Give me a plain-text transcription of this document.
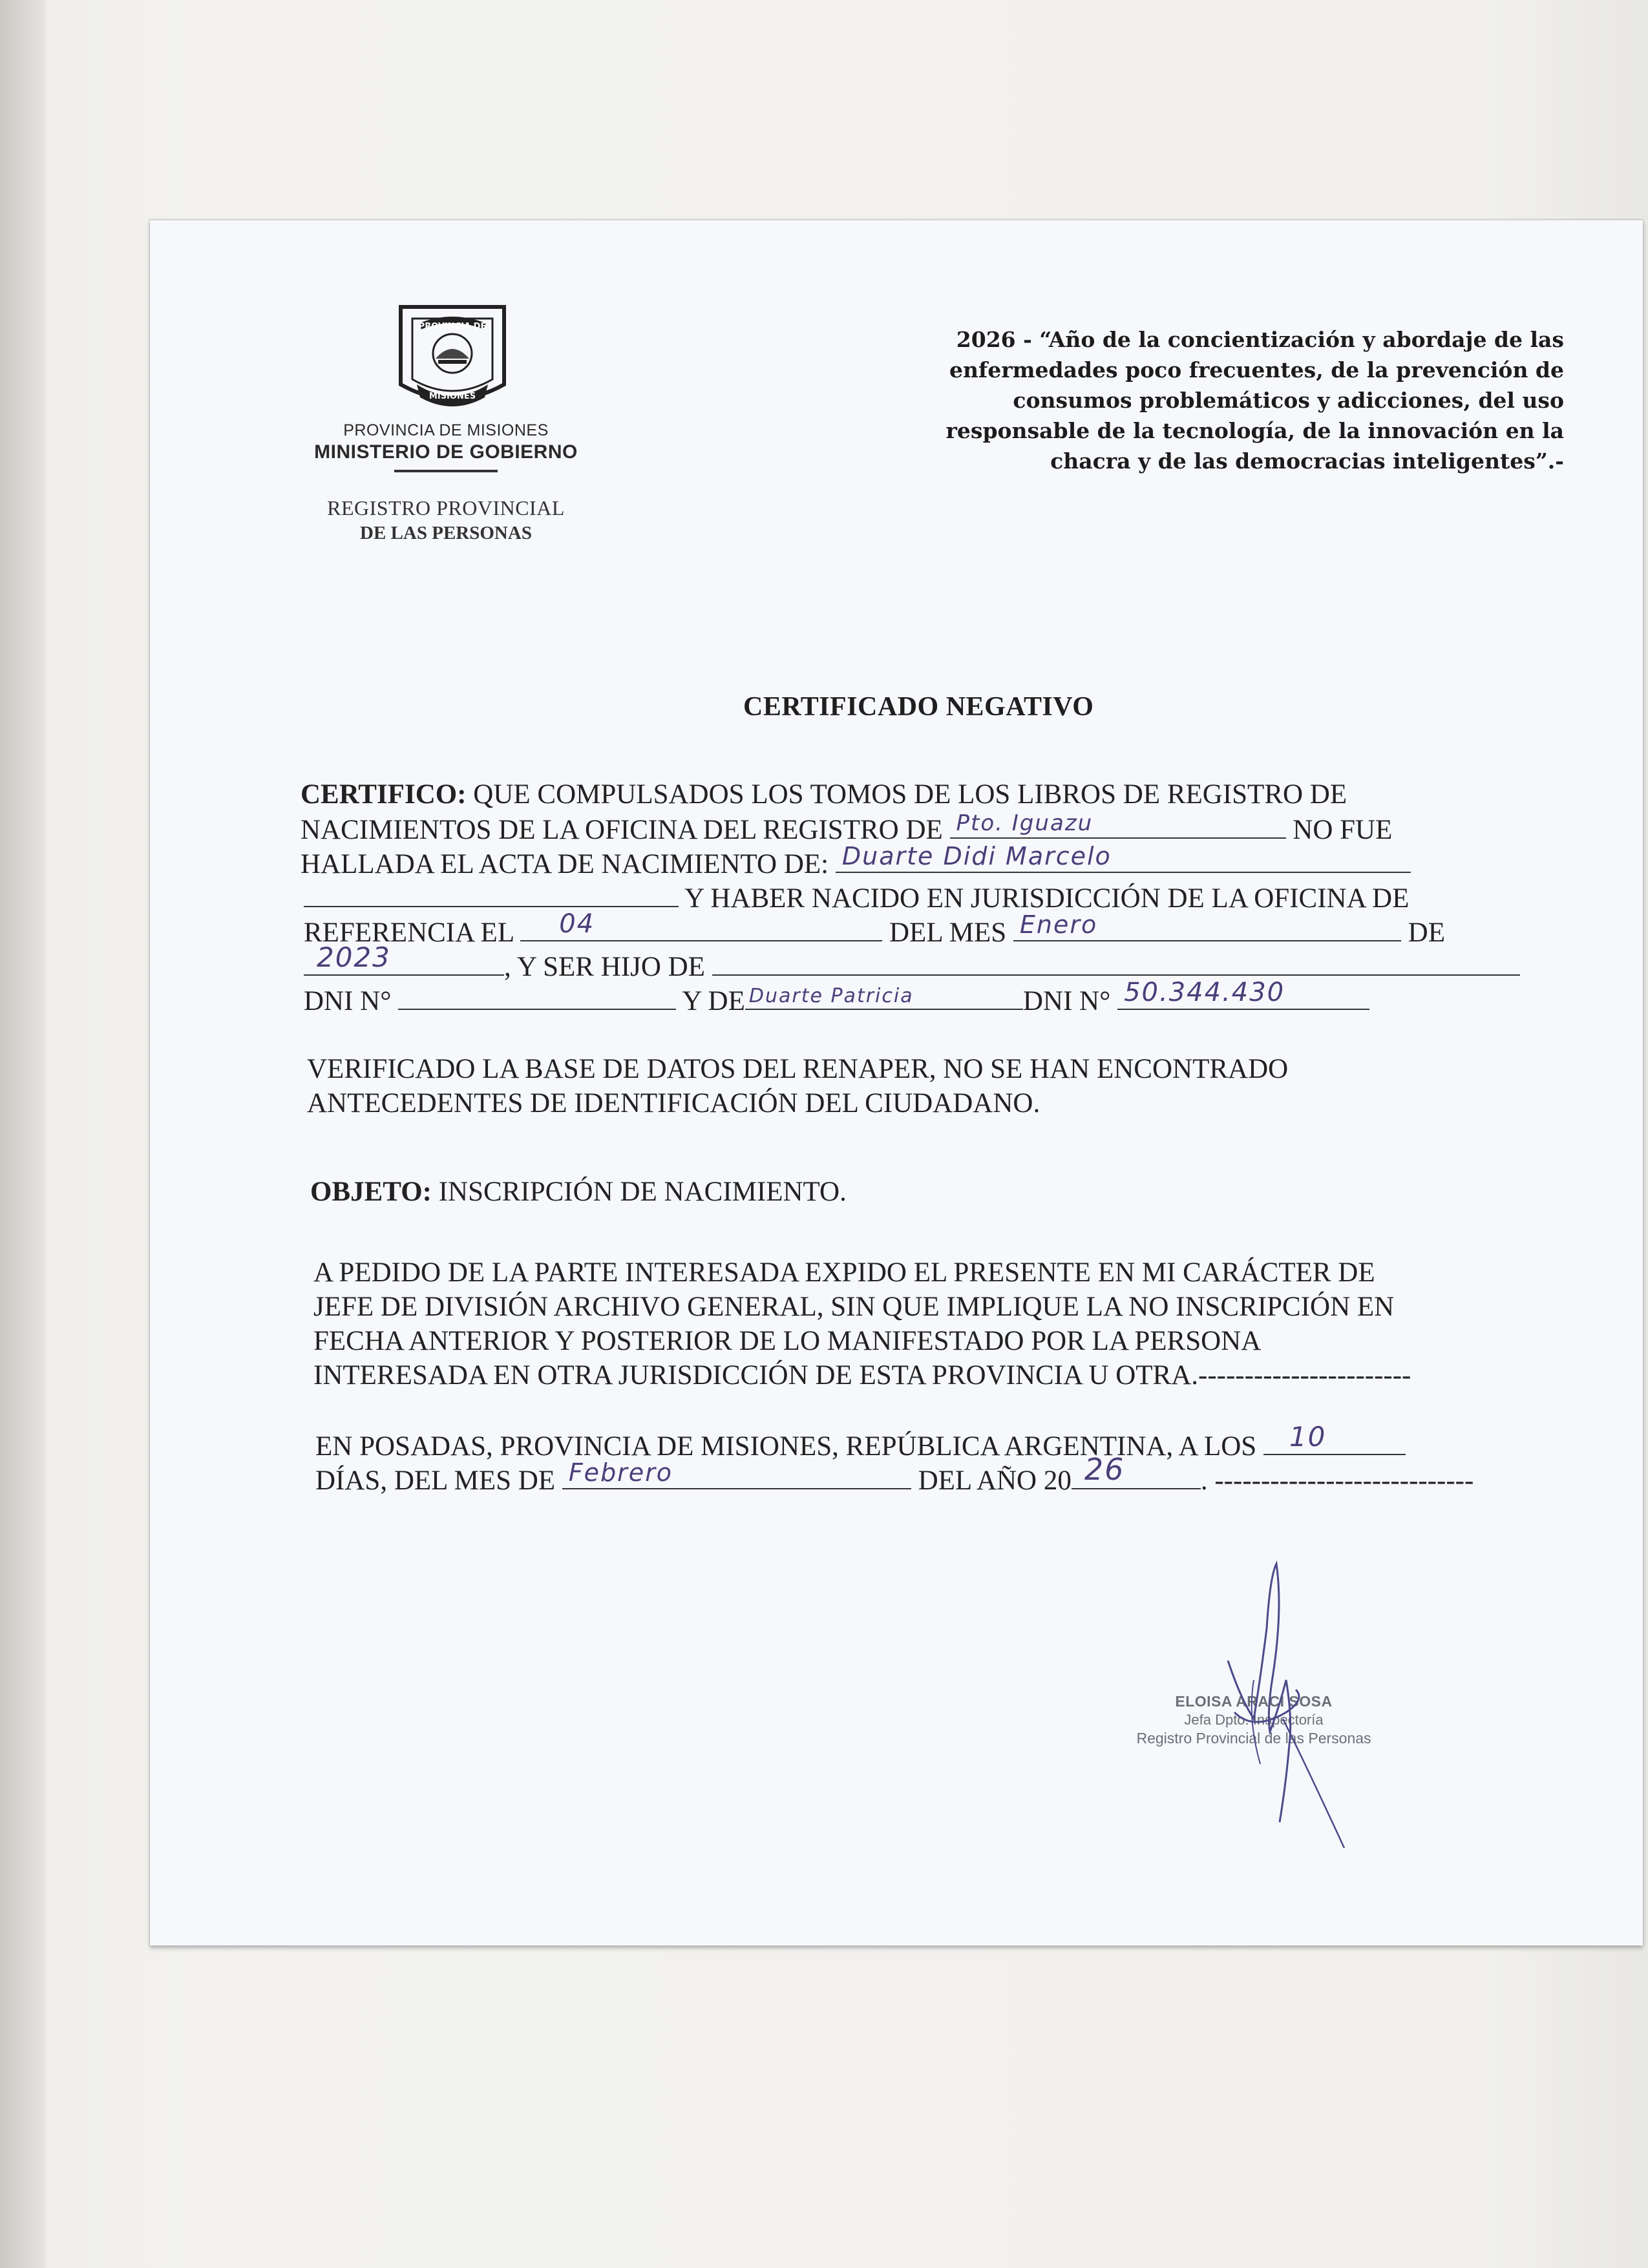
PROVINCIA DE
MISIONES
PROVINCIA DE MISIONES
MINISTERIO DE GOBIERNO
REGISTRO PROVINCIAL
DE LAS PERSONAS
2026 - “Año de la concientización y abordaje de las
enfermedades poco frecuentes, de la prevención de
consumos problemáticos y adicciones, del uso
responsable de la tecnología, de la innovación en la
chacra y de las democracias inteligentes”.-
CERTIFICADO NEGATIVO
CERTIFICO: QUE COMPULSADOS LOS TOMOS DE LOS LIBROS DE REGISTRO DE
NACIMIENTOS DE LA OFICINA DEL REGISTRO DE Pto. Iguazu	NO FUE
HALLADA EL ACTA DE NACIMIENTO DE: Duarte Didi Marcelo
Y HABER NACIDO EN JURISDICCIÓN DE LA OFICINA DE
REFERENCIA EL 04	DEL MES Enero	DE
2023	, Y SER HIJO DE
DNI N°	Y DE Duarte Patricia	DNI N° 50.344.430
VERIFICADO LA BASE DE DATOS DEL RENAPER, NO SE HAN ENCONTRADO
ANTECEDENTES DE IDENTIFICACIÓN DEL CIUDADANO.
OBJETO: INSCRIPCIÓN DE NACIMIENTO.
A PEDIDO DE LA PARTE INTERESADA EXPIDO EL PRESENTE EN MI CARÁCTER DE
JEFE DE DIVISIÓN ARCHIVO GENERAL, SIN QUE IMPLIQUE LA NO INSCRIPCIÓN EN
FECHA ANTERIOR Y POSTERIOR DE LO MANIFESTADO POR LA PERSONA
INTERESADA EN OTRA JURISDICCIÓN DE ESTA PROVINCIA U OTRA.-----------------------
EN POSADAS, PROVINCIA DE MISIONES, REPÚBLICA ARGENTINA, A LOS 10
DÍAS, DEL MES DE Febrero	DEL AÑO 20 26	. ----------------------------
ELOISA ARACI SOSA
Jefa Dpto. Inspectoría
Registro Provincial de las Personas
